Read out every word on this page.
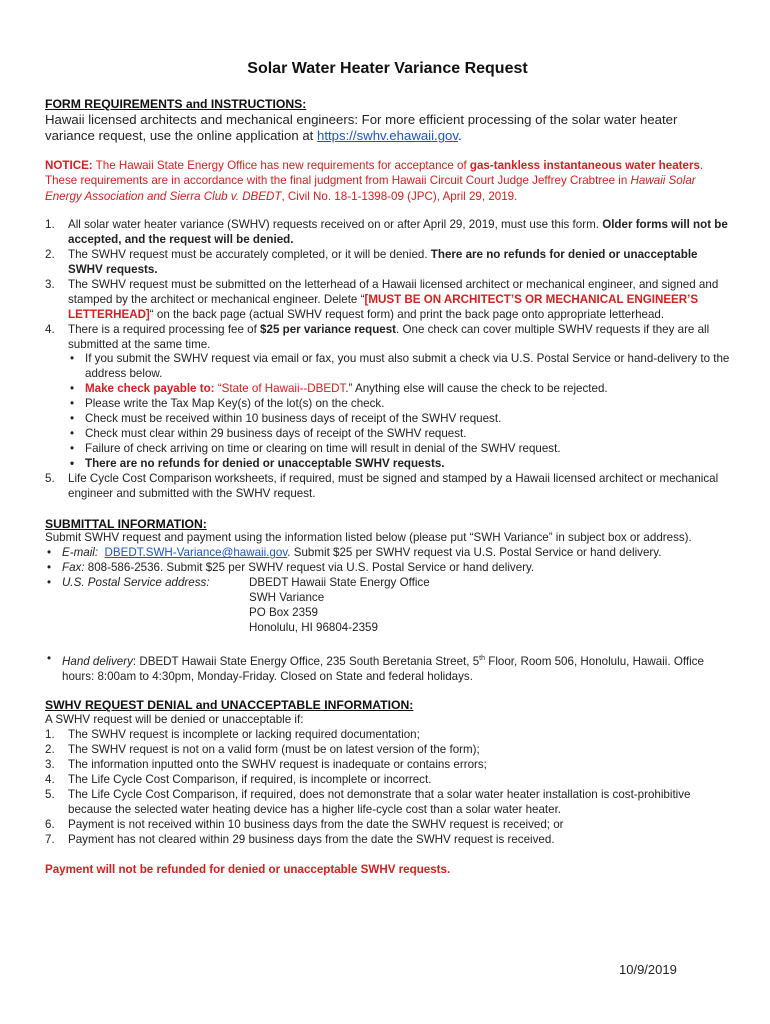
Solar Water Heater Variance Request
FORM REQUIREMENTS and INSTRUCTIONS:
Hawaii licensed architects and mechanical engineers: For more efficient processing of the solar water heater variance request, use the online application at https://swhv.ehawaii.gov.
NOTICE: The Hawaii State Energy Office has new requirements for acceptance of gas-tankless instantaneous water heaters. These requirements are in accordance with the final judgment from Hawaii Circuit Court Judge Jeffrey Crabtree in Hawaii Solar Energy Association and Sierra Club v. DBEDT, Civil No. 18-1-1398-09 (JPC), April 29, 2019.
1. All solar water heater variance (SWHV) requests received on or after April 29, 2019, must use this form. Older forms will not be accepted, and the request will be denied.
2. The SWHV request must be accurately completed, or it will be denied. There are no refunds for denied or unacceptable SWHV requests.
3. The SWHV request must be submitted on the letterhead of a Hawaii licensed architect or mechanical engineer, and signed and stamped by the architect or mechanical engineer. Delete “[MUST BE ON ARCHITECT’S OR MECHANICAL ENGINEER’S LETTERHEAD]“ on the back page (actual SWHV request form) and print the back page onto appropriate letterhead.
4. There is a required processing fee of $25 per variance request. One check can cover multiple SWHV requests if they are all submitted at the same time.
• If you submit the SWHV request via email or fax, you must also submit a check via U.S. Postal Service or hand-delivery to the address below.
• Make check payable to: “State of Hawaii--DBEDT.” Anything else will cause the check to be rejected.
• Please write the Tax Map Key(s) of the lot(s) on the check.
• Check must be received within 10 business days of receipt of the SWHV request.
• Check must clear within 29 business days of receipt of the SWHV request.
• Failure of check arriving on time or clearing on time will result in denial of the SWHV request.
• There are no refunds for denied or unacceptable SWHV requests.
5. Life Cycle Cost Comparison worksheets, if required, must be signed and stamped by a Hawaii licensed architect or mechanical engineer and submitted with the SWHV request.
SUBMITTAL INFORMATION:
Submit SWHV request and payment using the information listed below (please put “SWH Variance” in subject box or address).
• E-mail: DBEDT.SWH-Variance@hawaii.gov. Submit $25 per SWHV request via U.S. Postal Service or hand delivery.
• Fax: 808-586-2536. Submit $25 per SWHV request via U.S. Postal Service or hand delivery.
• U.S. Postal Service address:	DBEDT Hawaii State Energy Office
SWH Variance
PO Box 2359
Honolulu, HI 96804-2359
• Hand delivery: DBEDT Hawaii State Energy Office, 235 South Beretania Street, 5th Floor, Room 506, Honolulu, Hawaii. Office hours: 8:00am to 4:30pm, Monday-Friday. Closed on State and federal holidays.
SWHV REQUEST DENIAL and UNACCEPTABLE INFORMATION:
A SWHV request will be denied or unacceptable if:
1. The SWHV request is incomplete or lacking required documentation;
2. The SWHV request is not on a valid form (must be on latest version of the form);
3. The information inputted onto the SWHV request is inadequate or contains errors;
4. The Life Cycle Cost Comparison, if required, is incomplete or incorrect.
5. The Life Cycle Cost Comparison, if required, does not demonstrate that a solar water heater installation is cost-prohibitive because the selected water heating device has a higher life-cycle cost than a solar water heater.
6. Payment is not received within 10 business days from the date the SWHV request is received; or
7. Payment has not cleared within 29 business days from the date the SWHV request is received.
Payment will not be refunded for denied or unacceptable SWHV requests.
10/9/2019
